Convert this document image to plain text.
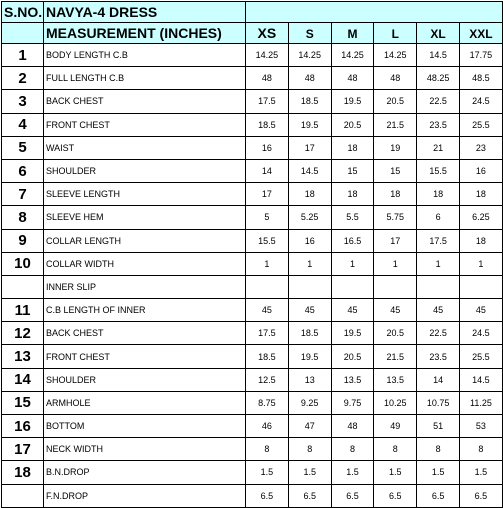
S.NO.	NAVYA-4 DRESS						
	MEASUREMENT (INCHES)	XS	S	M	L	XL	XXL
1	BODY LENGTH C.B	14.25	14.25	14.25	14.25	14.5	17.75
2	FULL LENGTH C.B	48	48	48	48	48.25	48.5
3	BACK CHEST	17.5	18.5	19.5	20.5	22.5	24.5
4	FRONT CHEST	18.5	19.5	20.5	21.5	23.5	25.5
5	WAIST	16	17	18	19	21	23
6	SHOULDER	14	14.5	15	15	15.5	16
7	SLEEVE LENGTH	17	18	18	18	18	18
8	SLEEVE HEM	5	5.25	5.5	5.75	6	6.25
9	COLLAR LENGTH	15.5	16	16.5	17	17.5	18
10	COLLAR WIDTH	1	1	1	1	1	1
	INNER SLIP						
11	C.B LENGTH OF INNER	45	45	45	45	45	45
12	BACK CHEST	17.5	18.5	19.5	20.5	22.5	24.5
13	FRONT CHEST	18.5	19.5	20.5	21.5	23.5	25.5
14	SHOULDER	12.5	13	13.5	13.5	14	14.5
15	ARMHOLE	8.75	9.25	9.75	10.25	10.75	11.25
16	BOTTOM	46	47	48	49	51	53
17	NECK WIDTH	8	8	8	8	8	8
18	B.N.DROP	1.5	1.5	1.5	1.5	1.5	1.5
	F.N.DROP	6.5	6.5	6.5	6.5	6.5	6.5
